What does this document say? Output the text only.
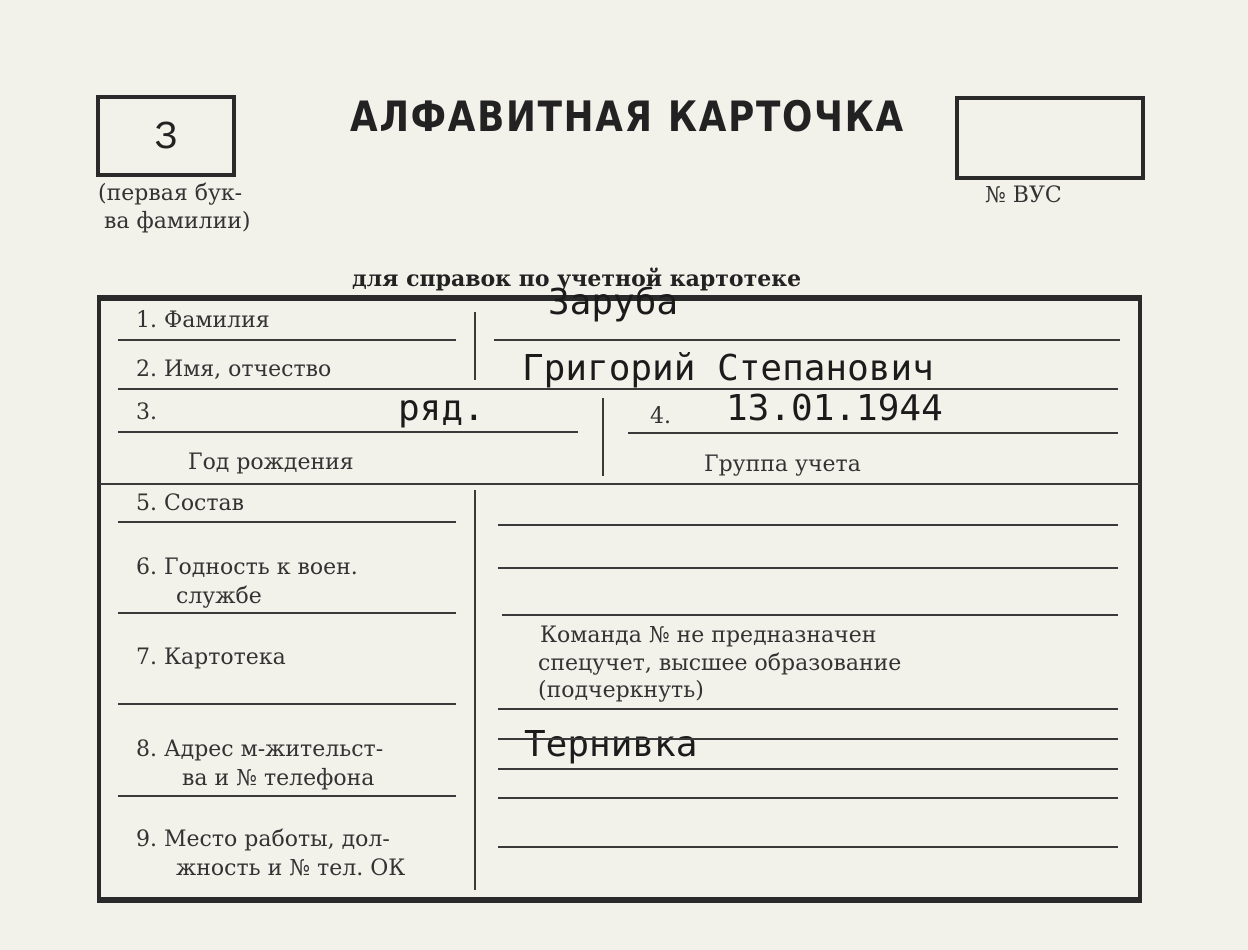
З
(первая бук-
ва фамилии)
АЛФАВИТНАЯ КАРТОЧКА
№ ВУС
для справок по учетной картотеке
1. Фамилия	Заруба
2. Имя, отчество	Григорий Степанович
3.	ряд.
Год рождения
4. 13.01.1944
Группа учета
5. Состав
6. Годность к воен.
службе
7. Картотека
Команда № не предназначен
спецучет, высшее образование
(подчеркнуть)
8. Адрес м-жительст-
ва и № телефона
Тернивка
9. Место работы, дол-
жность и № тел. ОК
